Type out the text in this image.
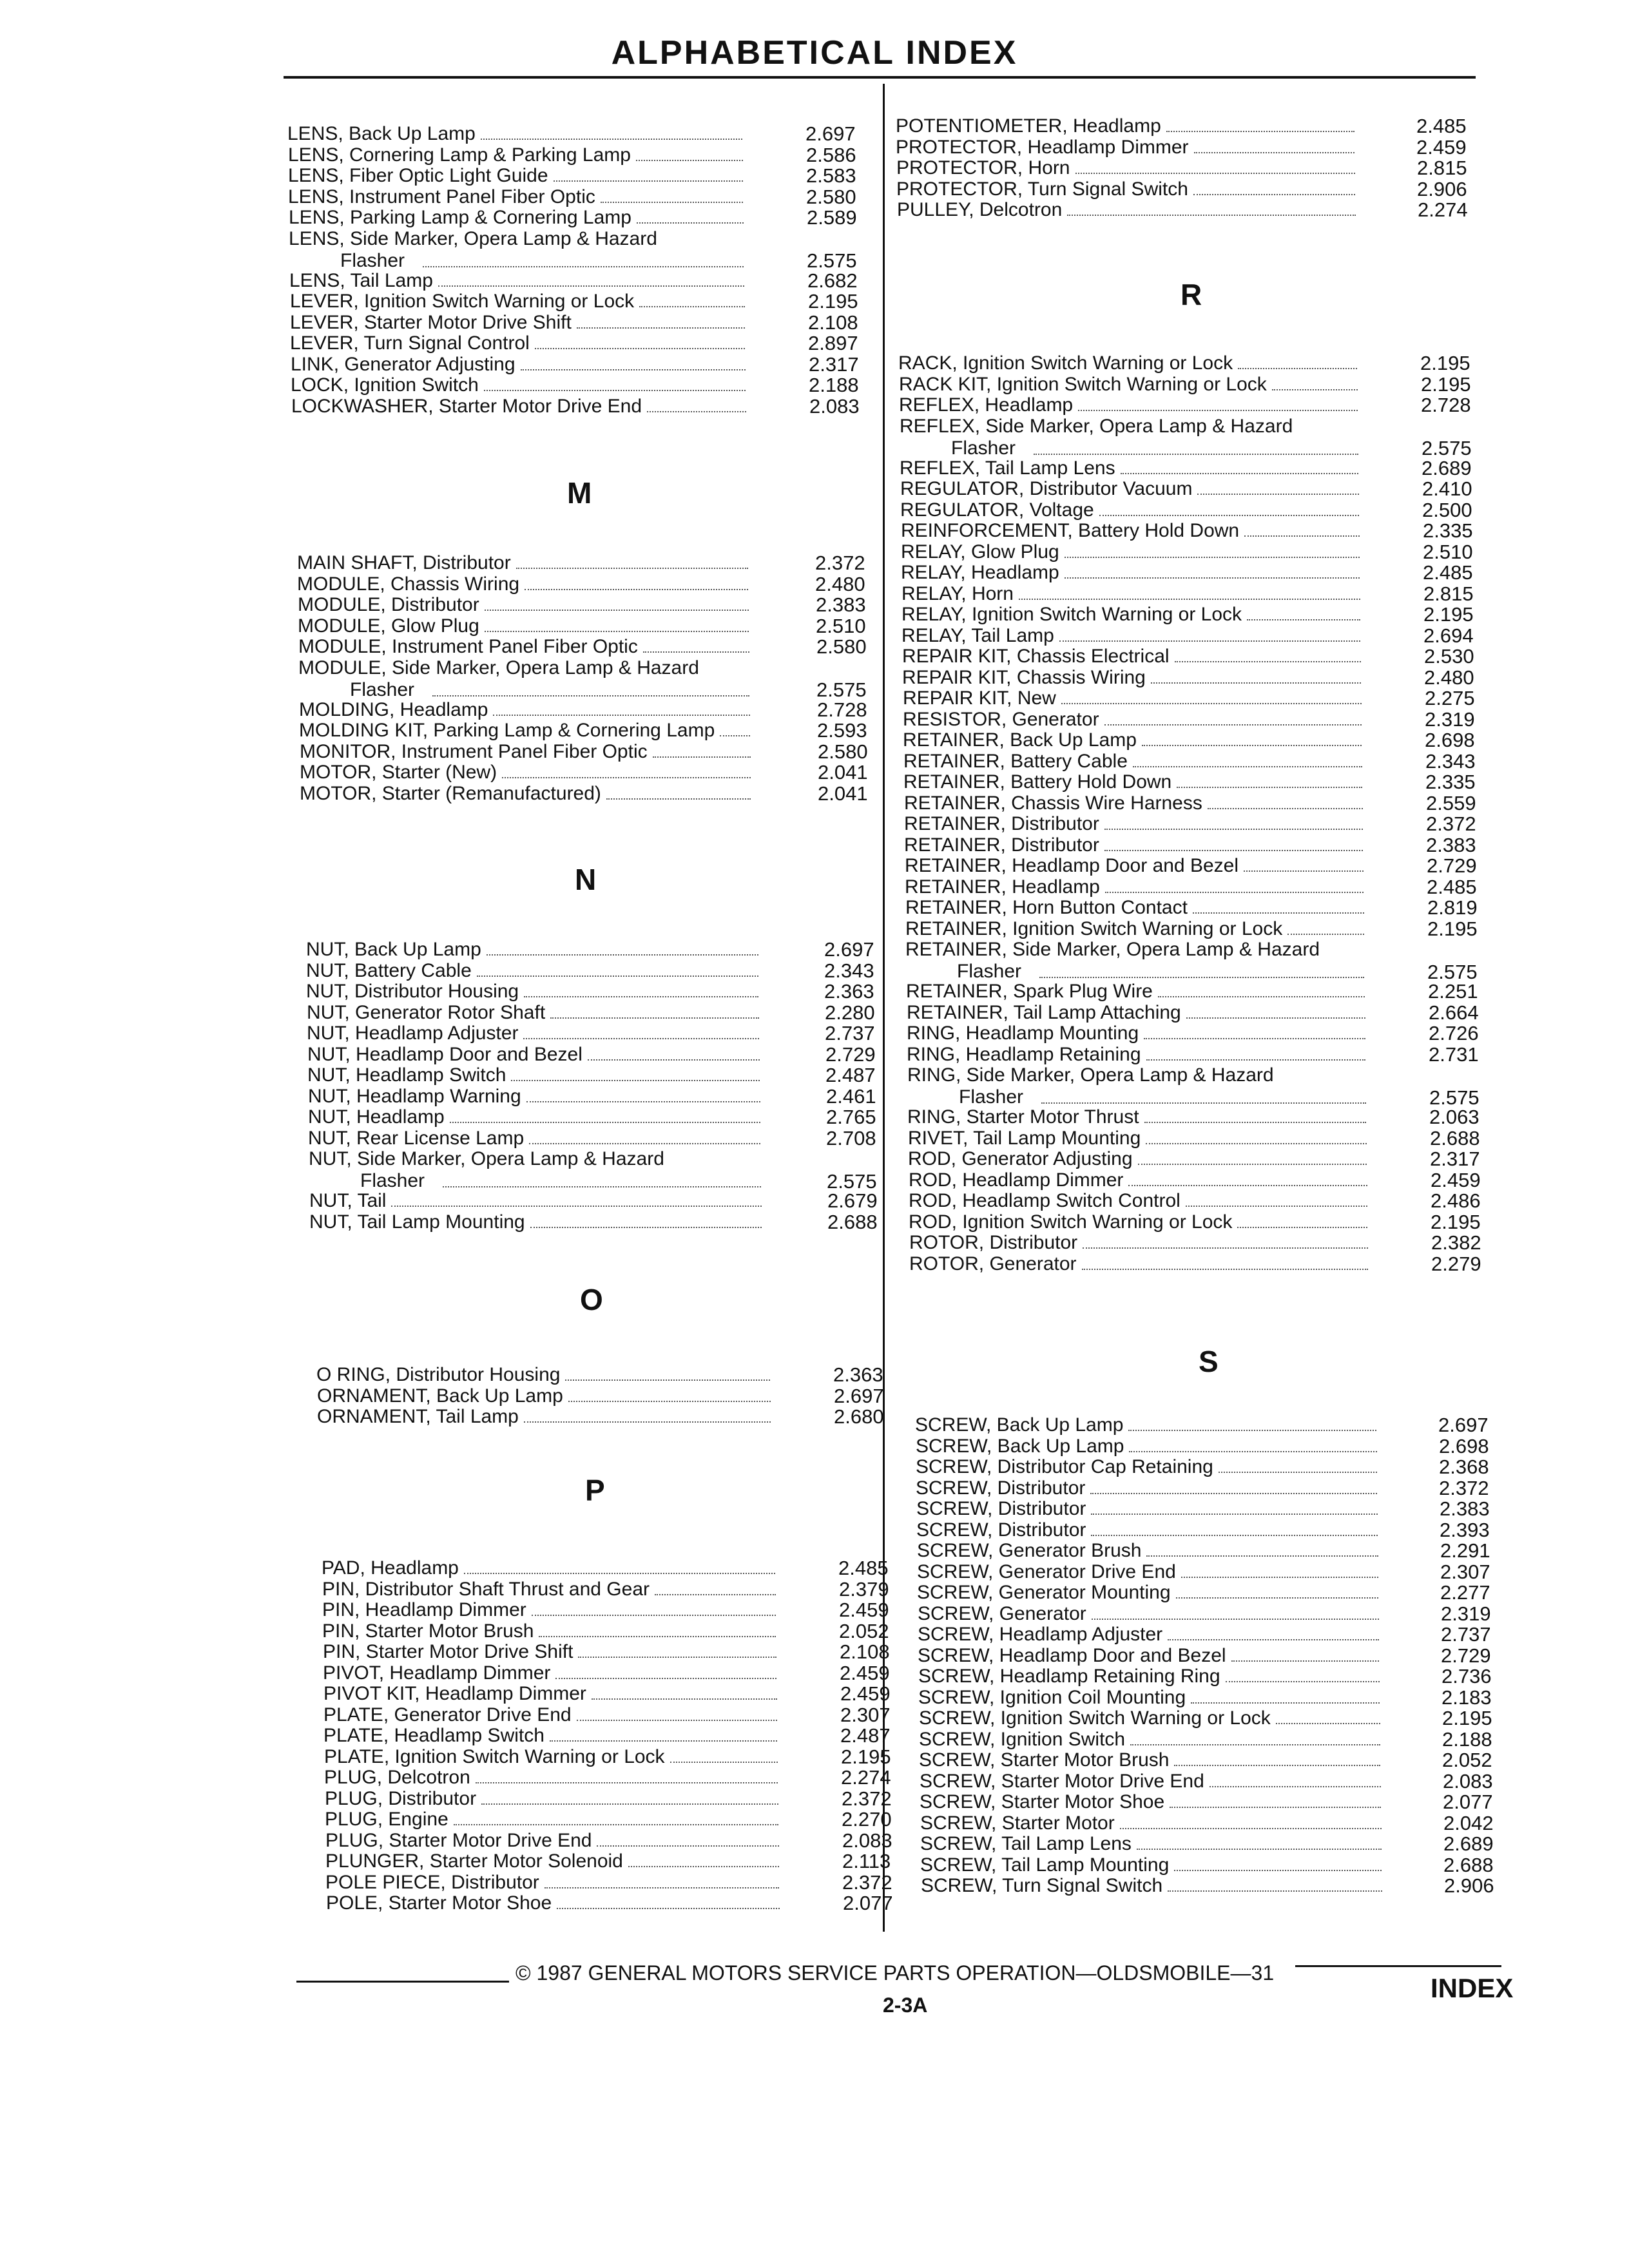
ALPHABETICAL INDEX
LENS, Back Up Lamp	2.697
LENS, Cornering Lamp & Parking Lamp	2.586
LENS, Fiber Optic Light Guide	2.583
LENS, Instrument Panel Fiber Optic	2.580
LENS, Parking Lamp & Cornering Lamp	2.589
LENS, Side Marker, Opera Lamp & Hazard
Flasher	2.575
LENS, Tail Lamp	2.682
LEVER, Ignition Switch Warning or Lock	2.195
LEVER, Starter Motor Drive Shift	2.108
LEVER, Turn Signal Control	2.897
LINK, Generator Adjusting	2.317
LOCK, Ignition Switch	2.188
LOCKWASHER, Starter Motor Drive End	2.083
MAIN SHAFT, Distributor	2.372
MODULE, Chassis Wiring	2.480
MODULE, Distributor	2.383
MODULE, Glow Plug	2.510
MODULE, Instrument Panel Fiber Optic	2.580
MODULE, Side Marker, Opera Lamp & Hazard
Flasher	2.575
MOLDING, Headlamp	2.728
MOLDING KIT, Parking Lamp & Cornering Lamp	2.593
MONITOR, Instrument Panel Fiber Optic	2.580
MOTOR, Starter (New)	2.041
MOTOR, Starter (Remanufactured)	2.041
NUT, Back Up Lamp	2.697
NUT, Battery Cable	2.343
NUT, Distributor Housing	2.363
NUT, Generator Rotor Shaft	2.280
NUT, Headlamp Adjuster	2.737
NUT, Headlamp Door and Bezel	2.729
NUT, Headlamp Switch	2.487
NUT, Headlamp Warning	2.461
NUT, Headlamp	2.765
NUT, Rear License Lamp	2.708
NUT, Side Marker, Opera Lamp & Hazard
Flasher	2.575
NUT, Tail	2.679
NUT, Tail Lamp Mounting	2.688
O RING, Distributor Housing	2.363
ORNAMENT, Back Up Lamp	2.697
ORNAMENT, Tail Lamp	2.680
PAD, Headlamp	2.485
PIN, Distributor Shaft Thrust and Gear	2.379
PIN, Headlamp Dimmer	2.459
PIN, Starter Motor Brush	2.052
PIN, Starter Motor Drive Shift	2.108
PIVOT, Headlamp Dimmer	2.459
PIVOT KIT, Headlamp Dimmer	2.459
PLATE, Generator Drive End	2.307
PLATE, Headlamp Switch	2.487
PLATE, Ignition Switch Warning or Lock	2.195
PLUG, Delcotron	2.274
PLUG, Distributor	2.372
PLUG, Engine	2.270
PLUG, Starter Motor Drive End	2.083
PLUNGER, Starter Motor Solenoid	2.113
POLE PIECE, Distributor	2.372
POLE, Starter Motor Shoe	2.077
POTENTIOMETER, Headlamp	2.485
PROTECTOR, Headlamp Dimmer	2.459
PROTECTOR, Horn	2.815
PROTECTOR, Turn Signal Switch	2.906
PULLEY, Delcotron	2.274
RACK, Ignition Switch Warning or Lock	2.195
RACK KIT, Ignition Switch Warning or Lock	2.195
REFLEX, Headlamp	2.728
REFLEX, Side Marker, Opera Lamp & Hazard
Flasher	2.575
REFLEX, Tail Lamp Lens	2.689
REGULATOR, Distributor Vacuum	2.410
REGULATOR, Voltage	2.500
REINFORCEMENT, Battery Hold Down	2.335
RELAY, Glow Plug	2.510
RELAY, Headlamp	2.485
RELAY, Horn	2.815
RELAY, Ignition Switch Warning or Lock	2.195
RELAY, Tail Lamp	2.694
REPAIR KIT, Chassis Electrical	2.530
REPAIR KIT, Chassis Wiring	2.480
REPAIR KIT, New	2.275
RESISTOR, Generator	2.319
RETAINER, Back Up Lamp	2.698
RETAINER, Battery Cable	2.343
RETAINER, Battery Hold Down	2.335
RETAINER, Chassis Wire Harness	2.559
RETAINER, Distributor	2.372
RETAINER, Distributor	2.383
RETAINER, Headlamp Door and Bezel	2.729
RETAINER, Headlamp	2.485
RETAINER, Horn Button Contact	2.819
RETAINER, Ignition Switch Warning or Lock	2.195
RETAINER, Side Marker, Opera Lamp & Hazard
Flasher	2.575
RETAINER, Spark Plug Wire	2.251
RETAINER, Tail Lamp Attaching	2.664
RING, Headlamp Mounting	2.726
RING, Headlamp Retaining	2.731
RING, Side Marker, Opera Lamp & Hazard
Flasher	2.575
RING, Starter Motor Thrust	2.063
RIVET, Tail Lamp Mounting	2.688
ROD, Generator Adjusting	2.317
ROD, Headlamp Dimmer	2.459
ROD, Headlamp Switch Control	2.486
ROD, Ignition Switch Warning or Lock	2.195
ROTOR, Distributor	2.382
ROTOR, Generator	2.279
SCREW, Back Up Lamp	2.697
SCREW, Back Up Lamp	2.698
SCREW, Distributor Cap Retaining	2.368
SCREW, Distributor	2.372
SCREW, Distributor	2.383
SCREW, Distributor	2.393
SCREW, Generator Brush	2.291
SCREW, Generator Drive End	2.307
SCREW, Generator Mounting	2.277
SCREW, Generator	2.319
SCREW, Headlamp Adjuster	2.737
SCREW, Headlamp Door and Bezel	2.729
SCREW, Headlamp Retaining Ring	2.736
SCREW, Ignition Coil Mounting	2.183
SCREW, Ignition Switch Warning or Lock	2.195
SCREW, Ignition Switch	2.188
SCREW, Starter Motor Brush	2.052
SCREW, Starter Motor Drive End	2.083
SCREW, Starter Motor Shoe	2.077
SCREW, Starter Motor	2.042
SCREW, Tail Lamp Lens	2.689
SCREW, Tail Lamp Mounting	2.688
SCREW, Turn Signal Switch	2.906
M
N
O
P
R
S
© 1987 GENERAL MOTORS SERVICE PARTS OPERATION—OLDSMOBILE—31
2-3A
INDEX
